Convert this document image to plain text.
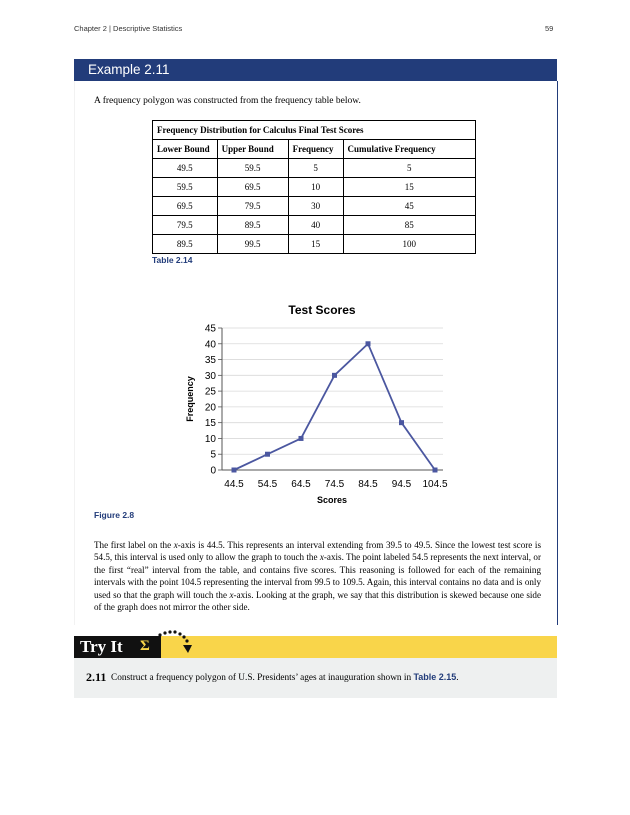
Chapter 2 | Descriptive Statistics	59
Example 2.11
A frequency polygon was constructed from the frequency table below.
Frequency Distribution for Calculus Final Test Scores			
Lower Bound	Upper Bound	Frequency	Cumulative Frequency
49.5	59.5	5	5
59.5	69.5	10	15
69.5	79.5	30	45
79.5	89.5	40	85
89.5	99.5	15	100
Table 2.14
0
5
10
15
20
25
30
35
40
45
44.5 54.5 64.5 74.5 84.5 94.5 104.5
Test Scores
Scores
Frequency
Figure 2.8
The first label on the x-axis is 44.5. This represents an interval extending from 39.5 to 49.5. Since the lowest test score is 54.5, this interval is used only to allow the graph to touch the x-axis. The point labeled 54.5 represents the next interval, or the first “real” interval from the table, and contains five scores. This reasoning is followed for each of the remaining intervals with the point 104.5 representing the interval from 99.5 to 109.5. Again, this interval contains no data and is only used so that the graph will touch the x-axis. Looking at the graph, we say that this distribution is skewed because one side of the graph does not mirror the other side.
Try It Σ
2.11 Construct a frequency polygon of U.S. Presidents’ ages at inauguration shown in Table 2.15.
